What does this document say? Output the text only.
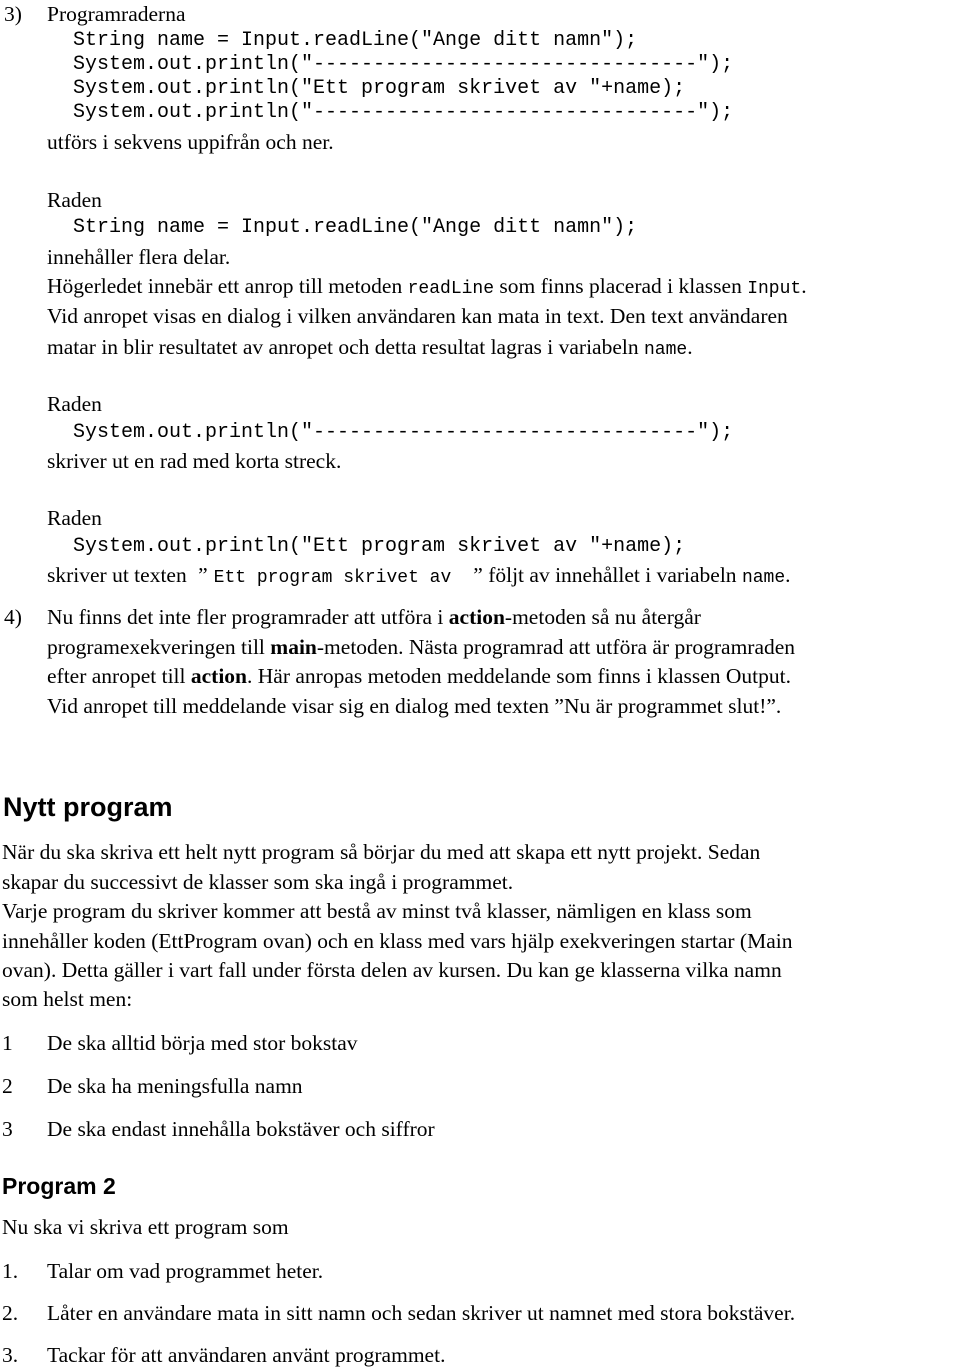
3) Programraderna
String name = Input.readLine("Ange ditt namn");
System.out.println("--------------------------------");
System.out.println("Ett program skrivet av "+name);
System.out.println("--------------------------------");
utförs i sekvens uppifrån och ner.
Raden
String name = Input.readLine("Ange ditt namn");
innehåller flera delar.
Högerledet innebär ett anrop till metoden readLine som finns placerad i klassen Input.
Vid anropet visas en dialog i vilken användaren kan mata in text. Den text användaren
matar in blir resultatet av anropet och detta resultat lagras i variabeln name.
Raden
System.out.println("--------------------------------");
skriver ut en rad med korta streck.
Raden
System.out.println("Ett program skrivet av "+name);
skriver ut texten ” Ett program skrivet av ” följt av innehållet i variabeln name.
4) Nu finns det inte fler programrader att utföra i action-metoden så nu återgår
programexekveringen till main-metoden. Nästa programrad att utföra är programraden
efter anropet till action. Här anropas metoden meddelande som finns i klassen Output.
Vid anropet till meddelande visar sig en dialog med texten ”Nu är programmet slut!”.
Nytt program
När du ska skriva ett helt nytt program så börjar du med att skapa ett nytt projekt. Sedan
skapar du successivt de klasser som ska ingå i programmet.
Varje program du skriver kommer att bestå av minst två klasser, nämligen en klass som
innehåller koden (EttProgram ovan) och en klass med vars hjälp exekveringen startar (Main
ovan). Detta gäller i vart fall under första delen av kursen. Du kan ge klasserna vilka namn
som helst men:
1 De ska alltid börja med stor bokstav
2 De ska ha meningsfulla namn
3 De ska endast innehålla bokstäver och siffror
Program 2
Nu ska vi skriva ett program som
1. Talar om vad programmet heter.
2. Låter en användare mata in sitt namn och sedan skriver ut namnet med stora bokstäver.
3. Tackar för att användaren använt programmet.
